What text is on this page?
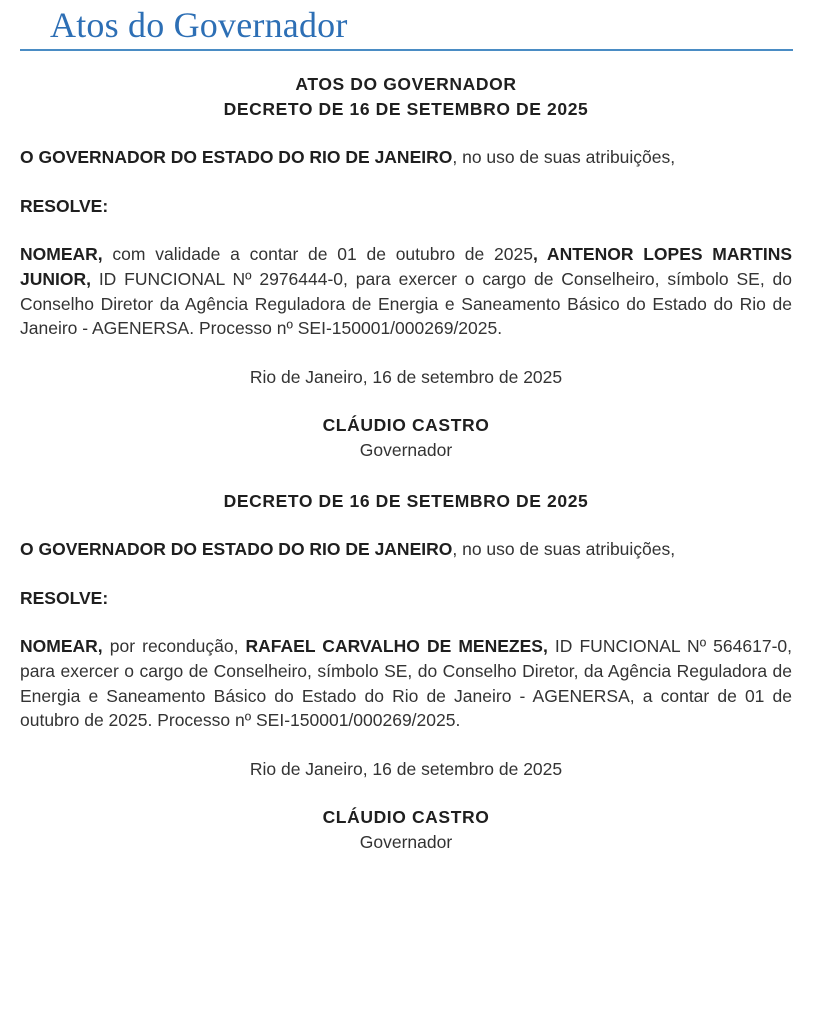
Atos do Governador
ATOS DO GOVERNADOR
DECRETO DE 16 DE SETEMBRO DE 2025

O GOVERNADOR DO ESTADO DO RIO DE JANEIRO, no uso de suas atribuições,

RESOLVE:

NOMEAR, com validade a contar de 01 de outubro de 2025, ANTENOR LOPES MARTINS JUNIOR, ID FUNCIONAL Nº 2976444-0, para exercer o cargo de Conselheiro, símbolo SE, do Conselho Diretor da Agência Reguladora de Energia e Saneamento Básico do Estado do Rio de Janeiro - AGENERSA. Processo nº SEI-150001/000269/2025.

Rio de Janeiro, 16 de setembro de 2025

CLÁUDIO CASTRO
Governador
DECRETO DE 16 DE SETEMBRO DE 2025

O GOVERNADOR DO ESTADO DO RIO DE JANEIRO, no uso de suas atribuições,

RESOLVE:

NOMEAR, por recondução, RAFAEL CARVALHO DE MENEZES, ID FUNCIONAL Nº 564617-0, para exercer o cargo de Conselheiro, símbolo SE, do Conselho Diretor, da Agência Reguladora de Energia e Saneamento Básico do Estado do Rio de Janeiro - AGENERSA, a contar de 01 de outubro de 2025. Processo nº SEI-150001/000269/2025.

Rio de Janeiro, 16 de setembro de 2025

CLÁUDIO CASTRO
Governador
